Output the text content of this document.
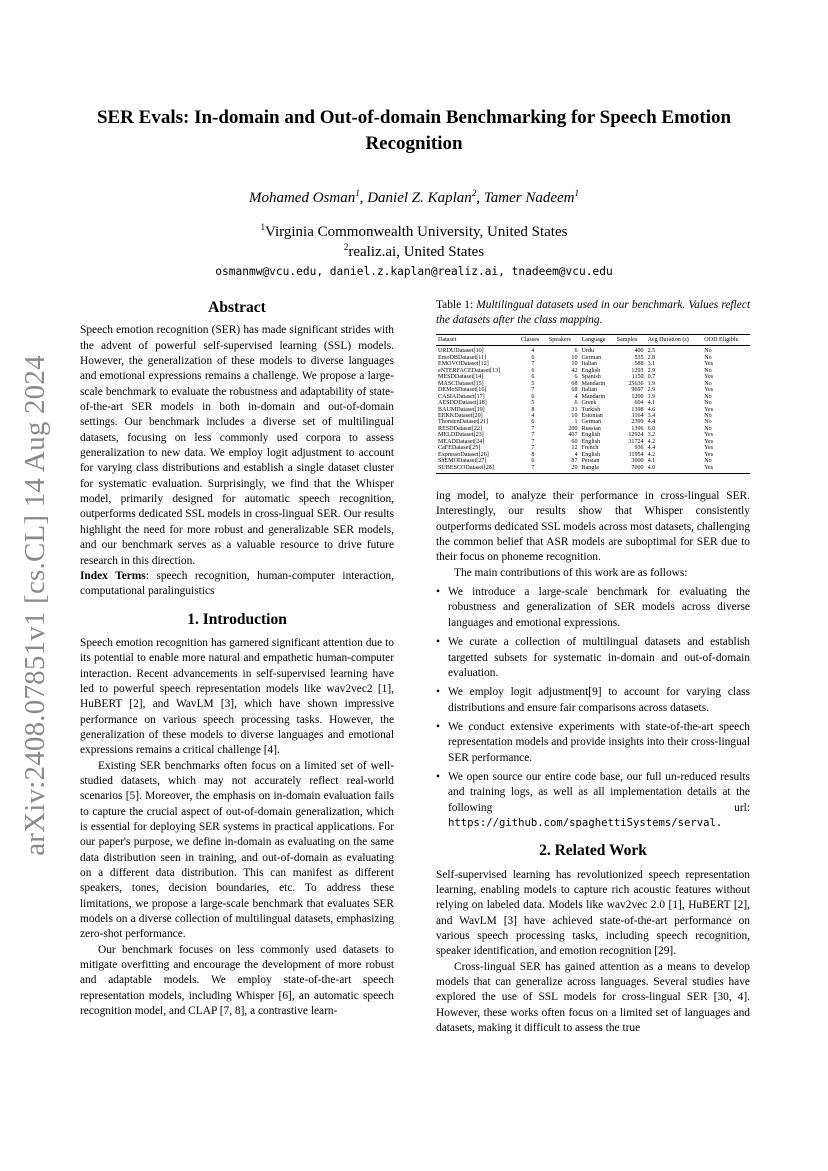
arXiv:2408.07851v1 [cs.CL] 14 Aug 2024
SER Evals: In-domain and Out-of-domain Benchmarking for Speech Emotion Recognition
Mohamed Osman$^1$, Daniel Z. Kaplan$^2$, Tamer Nadeem$^1$
$^1$Virginia Commonwealth University, United States
$^2$realiz.ai, United States
osmanmw@vcu.edu, daniel.z.kaplan@realiz.ai, tnadeem@vcu.edu
Abstract

Speech emotion recognition (SER) has made significant strides with the advent of powerful self-supervised learning (SSL) models. However, the generalization of these models to diverse languages and emotional expressions remains a challenge. We propose a large-scale benchmark to evaluate the robustness and adaptability of state-of-the-art SER models in both in-domain and out-of-domain settings. Our benchmark includes a diverse set of multilingual datasets, focusing on less commonly used corpora to assess generalization to new data. We employ logit adjustment to account for varying class distributions and establish a single dataset cluster for systematic evaluation. Surprisingly, we find that the Whisper model, primarily designed for automatic speech recognition, outperforms dedicated SSL models in cross-lingual SER. Our results highlight the need for more robust and generalizable SER models, and our benchmark serves as a valuable resource to drive future research in this direction.

Index Terms: speech recognition, human-computer interaction, computational paralinguistics

1. Introduction

Speech emotion recognition has garnered significant attention due to its potential to enable more natural and empathetic human-computer interaction. Recent advancements in self-supervised learning have led to powerful speech representation models like wav2vec2 [1], HuBERT [2], and WavLM [3], which have shown impressive performance on various speech processing tasks. However, the generalization of these models to diverse languages and emotional expressions remains a critical challenge [4].

Existing SER benchmarks often focus on a limited set of well-studied datasets, which may not accurately reflect real-world scenarios [5]. Moreover, the emphasis on in-domain evaluation fails to capture the crucial aspect of out-of-domain generalization, which is essential for deploying SER systems in practical applications. For our paper's purpose, we define in-domain as evaluating on the same data distribution seen in training, and out-of-domain as evaluating on a different data distribution. This can manifest as different speakers, tones, decision boundaries, etc. To address these limitations, we propose a large-scale benchmark that evaluates SER models on a diverse collection of multilingual datasets, emphasizing zero-shot performance.

Our benchmark focuses on less commonly used datasets to mitigate overfitting and encourage the development of more robust and adaptable models. We employ state-of-the-art speech representation models, including Whisper [6], an automatic speech recognition model, and CLAP [7, 8], a contrastive learn-

Table 1: Multilingual datasets used in our benchmark. Values reflect the datasets after the class mapping.
Dataset	Classes	Speakers	Language	Samples	Avg Duration (s)	OOD Eligible
URDUDataset[10]	4	6	Urdu	400	2.5	No
EmoDBDataset[11]	6	10	German	535	2.8	No
EMOVODataset[12]	7	10	Italian	588	3.1	Yes
eNTERFACEDataset[13]	6	42	English	1293	2.9	No
MESDDataset[14]	6	6	Spanish	1150	0.7	Yes
MASCDataset[15]	5	68	Mandarin	25636	1.9	No
DEMoSDataset[16]	7	68	Italian	9697	2.9	Yes
CASIADataset[17]	6	4	Mandarin	1200	1.9	No
AESDDDataset[18]	5	6	Greek	604	4.1	No
BAUMDataset[19]	8	31	Turkish	1398	4.6	Yes
EEKKDataset[20]	4	10	Estonian	1164	3.4	No
ThorstenDataset[21]	6	1	German	2399	4.4	No
RESDDataset[22]	7	200	Russian	1396	6.0	No
MELDDataset[23]	7	407	English	12924	3.2	Yes
MEADDataset[24]	7	60	English	31724	4.2	Yes
CaFEDataset[25]	7	12	French	936	4.4	Yes
ExpressoDataset[26]	8	4	English	11954	4.2	Yes
ShEMODataset[27]	6	87	Persian	3000	4.1	No
SUBESCODataset[28]	7	20	Bangla	7000	4.0	Yes

ing model, to analyze their performance in cross-lingual SER. Interestingly, our results show that Whisper consistently outperforms dedicated SSL models across most datasets, challenging the common belief that ASR models are suboptimal for SER due to their focus on phoneme recognition.

The main contributions of this work are as follows:

• We introduce a large-scale benchmark for evaluating the robustness and generalization of SER models across diverse languages and emotional expressions.
• We curate a collection of multilingual datasets and establish targetted subsets for systematic in-domain and out-of-domain evaluation.
• We employ logit adjustment[9] to account for varying class distributions and ensure fair comparisons across datasets.
• We conduct extensive experiments with state-of-the-art speech representation models and provide insights into their cross-lingual SER performance.
• We open source our entire code base, our full un-reduced results and training logs, as well as all implementation details at the following url: https://github.com/spaghettiSystems/serval.
2. Related Work

Self-supervised learning has revolutionized speech representation learning, enabling models to capture rich acoustic features without relying on labeled data. Models like wav2vec 2.0 [1], HuBERT [2], and WavLM [3] have achieved state-of-the-art performance on various speech processing tasks, including speech recognition, speaker identification, and emotion recognition [29].

Cross-lingual SER has gained attention as a means to develop models that can generalize across languages. Several studies have explored the use of SSL models for cross-lingual SER [30, 4]. However, these works often focus on a limited set of languages and datasets, making it difficult to assess the true
